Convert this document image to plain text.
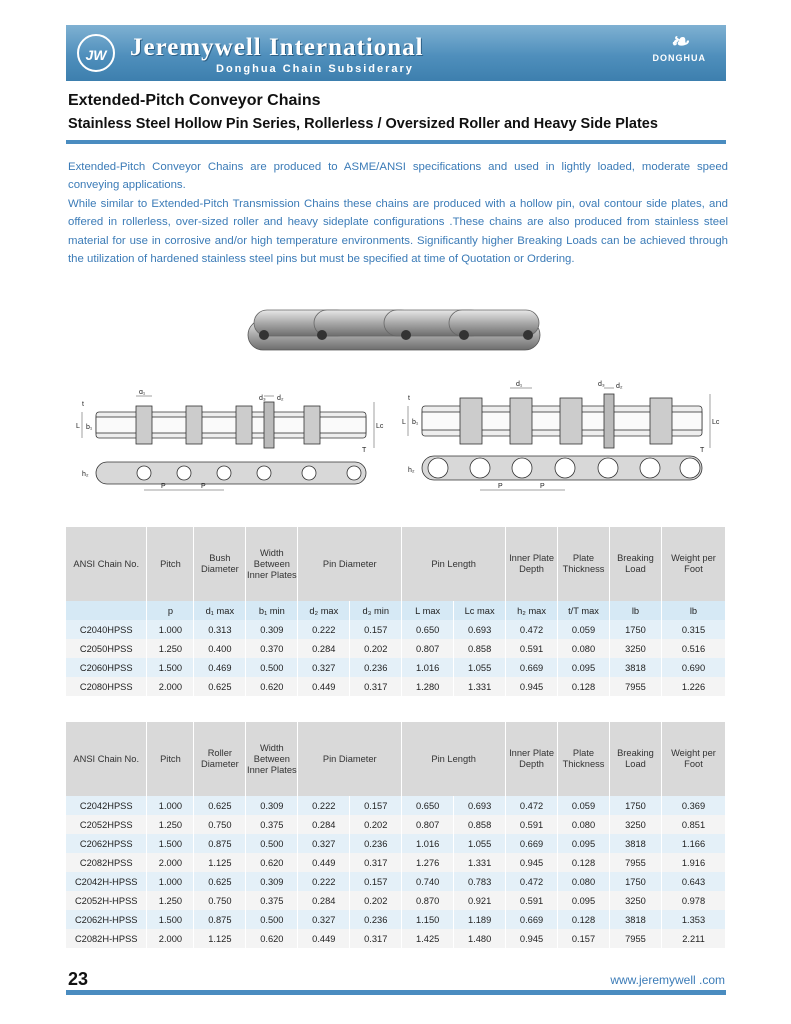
JW Jeremywell International
Donghua Chain Subsiderary
❧
DONGHUA
Extended-Pitch Conveyor Chains
Stainless Steel Hollow Pin Series, Rollerless / Oversized Roller and Heavy Side Plates

Extended-Pitch Conveyor Chains are produced to ASME/ANSI specifications and used in lightly loaded, moderate speed conveying applications.

While similar to Extended-Pitch Transmission Chains these chains are produced with a hollow pin, oval contour side plates, and offered in rollerless, over-sized roller and heavy sideplate configurations .These chains are also produced from stainless steel material for use in corrosive and/or high temperature environments. Significantly higher Breaking Loads can be achieved through the utilization of hardened stainless steel pins but must be specified at time of Quotation or Ordering.

d₁
d₂
d₃
b₁
L	Lc
T
t
h₂
P	P
d₁	d₂
d₃
b₁
L	Lc
T
t
h₂
P	P
ANSI Chain No.	Pitch	Bush Diameter	Width Between Inner Plates	Pin Diameter		Pin Length		Inner Plate Depth	Plate Thickness	Breaking Load	Weight per Foot
	p	d₁ max	b₁ min	d₂ max	d₃ min	L max	Lc max	h₂ max	t/T max	lb	lb
C2040HPSS	1.000	0.313	0.309	0.222	0.157	0.650	0.693	0.472	0.059	1750	0.315
C2050HPSS	1.250	0.400	0.370	0.284	0.202	0.807	0.858	0.591	0.080	3250	0.516
C2060HPSS	1.500	0.469	0.500	0.327	0.236	1.016	1.055	0.669	0.095	3818	0.690
C2080HPSS	2.000	0.625	0.620	0.449	0.317	1.280	1.331	0.945	0.128	7955	1.226
ANSI Chain No.	Pitch	Roller Diameter	Width Between Inner Plates	Pin Diameter		Pin Length		Inner Plate Depth	Plate Thickness	Breaking Load	Weight per Foot
C2042HPSS	1.000	0.625	0.309	0.222	0.157	0.650	0.693	0.472	0.059	1750	0.369
C2052HPSS	1.250	0.750	0.375	0.284	0.202	0.807	0.858	0.591	0.080	3250	0.851
C2062HPSS	1.500	0.875	0.500	0.327	0.236	1.016	1.055	0.669	0.095	3818	1.166
C2082HPSS	2.000	1.125	0.620	0.449	0.317	1.276	1.331	0.945	0.128	7955	1.916
C2042H-HPSS	1.000	0.625	0.309	0.222	0.157	0.740	0.783	0.472	0.080	1750	0.643
C2052H-HPSS	1.250	0.750	0.375	0.284	0.202	0.870	0.921	0.591	0.095	3250	0.978
C2062H-HPSS	1.500	0.875	0.500	0.327	0.236	1.150	1.189	0.669	0.128	3818	1.353
C2082H-HPSS	2.000	1.125	0.620	0.449	0.317	1.425	1.480	0.945	0.157	7955	2.211
23	www.jeremywell .com
